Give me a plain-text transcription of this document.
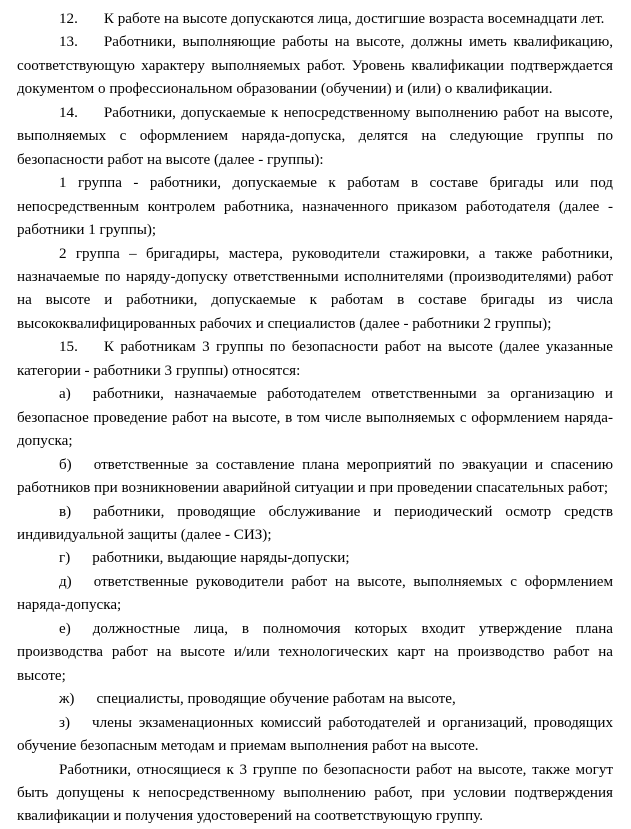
12. К работе на высоте допускаются лица, достигшие возраста восемнадцати лет.

13. Работники, выполняющие работы на высоте, должны иметь квалификацию, соответствующую характеру выполняемых работ. Уровень квалификации подтверждается документом о профессиональном образовании (обучении) и (или) о квалификации.

14. Работники, допускаемые к непосредственному выполнению работ на высоте, выполняемых с оформлением наряда-допуска, делятся на следующие группы по безопасности работ на высоте (далее - группы):

1 группа - работники, допускаемые к работам в составе бригады или под непосредственным контролем работника, назначенного приказом работодателя (далее - работники 1 группы);

2 группа – бригадиры, мастера, руководители стажировки, а также работники, назначаемые по наряду-допуску ответственными исполнителями (производителями) работ на высоте и работники, допускаемые к работам в составе бригады из числа высококвалифицированных рабочих и специалистов (далее - работники 2 группы);

15. К работникам 3 группы по безопасности работ на высоте (далее указанные категории - работники 3 группы) относятся:

а) работники, назначаемые работодателем ответственными за организацию и безопасное проведение работ на высоте, в том числе выполняемых с оформлением наряда-допуска;

б) ответственные за составление плана мероприятий по эвакуации и спасению работников при возникновении аварийной ситуации и при проведении спасательных работ;

в) работники, проводящие обслуживание и периодический осмотр средств индивидуальной защиты (далее - СИЗ);

г) работники, выдающие наряды-допуски;

д) ответственные руководители работ на высоте, выполняемых с оформлением наряда-допуска;

е) должностные лица, в полномочия которых входит утверждение плана производства работ на высоте и/или технологических карт на производство работ на высоте;

ж) специалисты, проводящие обучение работам на высоте,

з) члены экзаменационных комиссий работодателей и организаций, проводящих обучение безопасным методам и приемам выполнения работ на высоте.

Работники, относящиеся к 3 группе по безопасности работ на высоте, также могут быть допущены к непосредственному выполнению работ, при условии подтверждения квалификации и получения удостоверений на соответствующую группу.
